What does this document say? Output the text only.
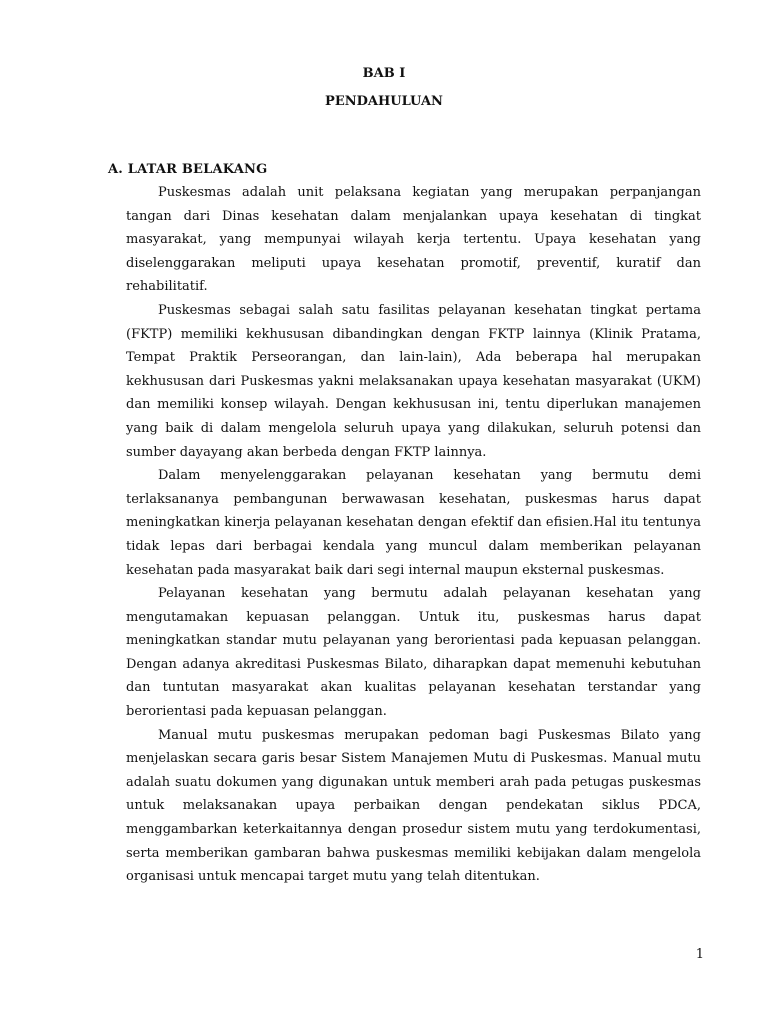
BAB I
PENDAHULUAN
A. LATAR BELAKANG

Puskesmas adalah unit pelaksana kegiatan yang merupakan perpanjangan tangan dari Dinas kesehatan dalam menjalankan upaya kesehatan di tingkat masyarakat, yang mempunyai wilayah kerja tertentu. Upaya kesehatan yang diselenggarakan meliputi upaya kesehatan promotif, preventif, kuratif dan rehabilitatif.

Puskesmas sebagai salah satu fasilitas pelayanan kesehatan tingkat pertama (FKTP) memiliki kekhususan dibandingkan dengan FKTP lainnya (Klinik Pratama, Tempat Praktik Perseorangan, dan lain-lain), Ada beberapa hal merupakan kekhususan dari Puskesmas yakni melaksanakan upaya kesehatan masyarakat (UKM) dan memiliki konsep wilayah. Dengan kekhususan ini, tentu diperlukan manajemen yang baik di dalam mengelola seluruh upaya yang dilakukan, seluruh potensi dan sumber dayayang akan berbeda dengan FKTP lainnya.

Dalam menyelenggarakan pelayanan kesehatan yang bermutu demi terlaksananya pembangunan berwawasan kesehatan, puskesmas harus dapat meningkatkan kinerja pelayanan kesehatan dengan efektif dan efisien.Hal itu tentunya tidak lepas dari berbagai kendala yang muncul dalam memberikan pelayanan kesehatan pada masyarakat baik dari segi internal maupun eksternal puskesmas.

Pelayanan kesehatan yang bermutu adalah pelayanan kesehatan yang mengutamakan kepuasan pelanggan. Untuk itu, puskesmas harus dapat meningkatkan standar mutu pelayanan yang berorientasi pada kepuasan pelanggan. Dengan adanya akreditasi Puskesmas Bilato, diharapkan dapat memenuhi kebutuhan dan tuntutan masyarakat akan kualitas pelayanan kesehatan terstandar yang berorientasi pada kepuasan pelanggan.

Manual mutu puskesmas merupakan pedoman bagi Puskesmas Bilato yang menjelaskan secara garis besar Sistem Manajemen Mutu di Puskesmas. Manual mutu adalah suatu dokumen yang digunakan untuk memberi arah pada petugas puskesmas untuk melaksanakan upaya perbaikan dengan pendekatan siklus PDCA, menggambarkan keterkaitannya dengan prosedur sistem mutu yang terdokumentasi, serta memberikan gambaran bahwa puskesmas memiliki kebijakan dalam mengelola organisasi untuk mencapai target mutu yang telah ditentukan.

1
